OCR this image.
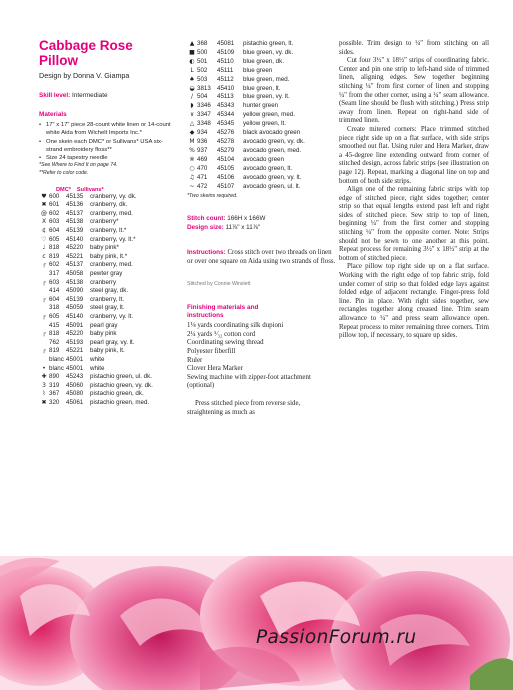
Cabbage Rose
Pillow
Design by Donna V. Giampa
Skill level: Intermediate
Materials
• 17" x 17" piece 28-count white linen or 14-count white Aida from Wichelt Imports Inc.*
• One skein each DMC* or Sullivans* USA six-strand embroidery floss**
• Size 24 tapestry needle
*See Where to Find It on page 74.
**Refer to color code.
DMC* Sullivans*
♥ 600	45135	cranberry, vy. dk.
✖ 601	45136	cranberry, dk.
@ 602	45137	cranberry, med.
X 603	45138	cranberry*
¢ 604	45139	cranberry, lt.*
♡ 605	45140	cranberry, vy. lt.*
♩ 818	45220	baby pink*
c 819	45221	baby pink, lt.*
┌ 602	45137	cranberry, med.
317	45058	pewter gray
┌ 603	45138	cranberry
414	45090	steel gray, dk.
┌ 604	45139	cranberry, lt.
318	45059	steel gray, lt.
┌ 605	45140	cranberry, vy. lt.
415	45091	pearl gray
┌ 818	45220	baby pink
762	45193	pearl gray, vy. lt.
┌ 819	45221	baby pink, lt.
blanc 45001	white
• blanc 45001	white
✚ 890	45243	pistachio green, ul. dk.
3 319	45060	pistachio green, vy. dk.
⌇ 367	45080	pistachio green, dk.
✖ 320	45061	pistachio green, med.
▲ 368	45081	pistachio green, lt.
■ 500	45109	blue green, vy. dk.
◐ 501	45110	blue green, dk.
L 502	45111	blue green
♠ 503	45112	blue green, med.
◒ 3813	45410	blue green, lt.
/ 504	45113	blue green, vy. lt.
◗ 3346	45343	hunter green
४ 3347	45344	yellow green, med.
△ 3348	45345	yellow green, lt.
◆ 934	45276	black avocado green
M 936	45278	avocado green, vy. dk.
% 937	45279	avocado green, med.
※ 469	45104	avocado green
○ 470	45105	avocado green, lt.
♫ 471	45106	avocado green, vy. lt.
~ 472	45107	avocado green, ul. lt.
*Two skeins required.
Stitch count: 166H x 166W
Design size: 11⅞" x 11⅞"
Instructions: Cross stitch over two threads on linen or over one square on Aida using two strands of floss.
Stitched by Connie Winslett
Finishing materials and
instructions
1⅛ yards coordinating silk dupioni
2¼ yards ⁵⁄₃₂ cotton cord
Coordinating sewing thread
Polyester fiberfill
Ruler
Clover Hera Marker
Sewing machine with zipper-foot attachment (optional)
Press stitched piece from reverse side, straightening as much as

possible. Trim design to ¼" from stitching on all sides.

Cut four 3½" x 18½" strips of coordinating fabric. Center and pin one strip to left-hand side of trimmed linen, aligning edges. Sew together beginning stitching ¼" from first corner of linen and stopping ¼" from the other corner, using a ¼" seam allowance. (Seam line should be flush with stitching.) Press strip away from linen. Repeat on right-hand side of trimmed linen.

Create mitered corners: Place trimmed stitched piece right side up on a flat surface, with side strips smoothed out flat. Using ruler and Hera Marker, draw a 45-degree line extending outward from corner of stitched design, across fabric strips (see illustration on page 12). Repeat, marking a diagonal line on top and bottom of both side strips.

Align one of the remaining fabric strips with top edge of stitched piece, right sides together; center strip so that equal lengths extend past left and right sides of stitched piece. Sew strip to top of linen, beginning ¼" from the first corner and stopping stitching ¼" from the opposite corner. Note: Strips should not be sewn to one another at this point. Repeat process for remaining 3½" x 18½" strip at the bottom of stitched piece.

Place pillow top right side up on a flat surface. Working with the right edge of top fabric strip, fold under corner of strip so that folded edge lays against folded edge of adjacent rectangle. Finger-press fold line. Pin in place. With right sides together, sew rectangles together along creased line. Trim seam allowance to ¼" and press seam allowance open. Repeat process to miter remaining three corners. Trim pillow top, if necessary, to square up sides.

PassionForum.ru
